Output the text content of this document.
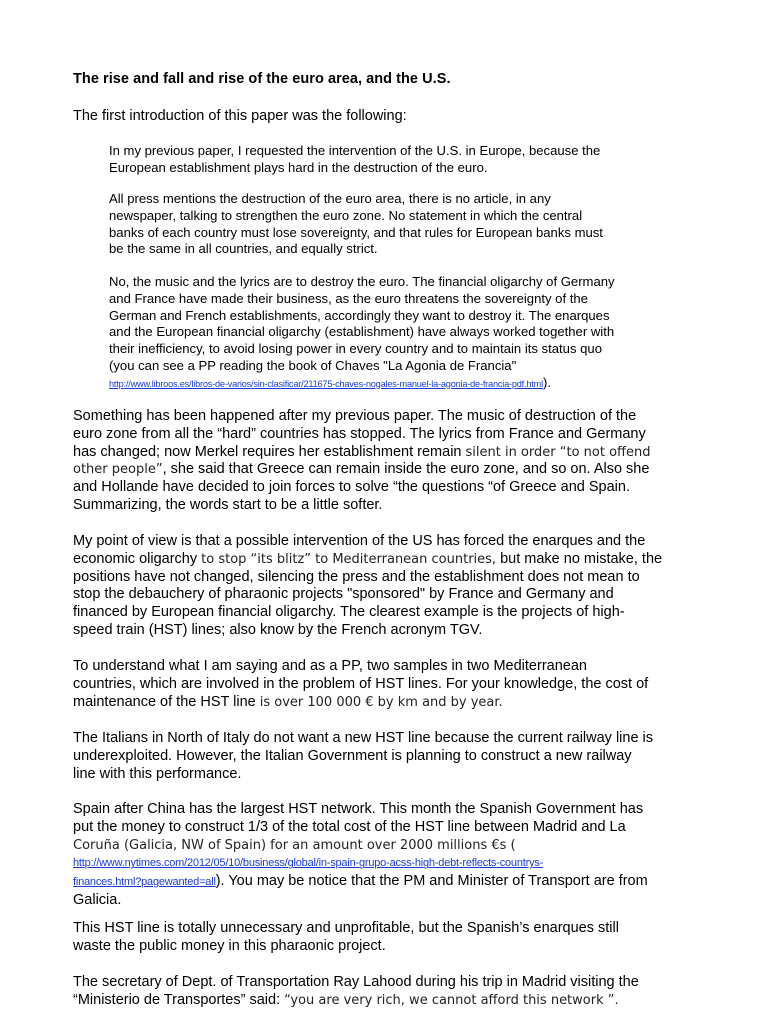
The rise and fall and rise of the euro area, and the U.S.
The first introduction of this paper was the following:
In my previous paper, I requested the intervention of the U.S. in Europe, because the
European establishment plays hard in the destruction of the euro.
All press mentions the destruction of the euro area, there is no article, in any
newspaper, talking to strengthen the euro zone. No statement in which the central
banks of each country must lose sovereignty, and that rules for European banks must
be the same in all countries, and equally strict.
No, the music and the lyrics are to destroy the euro. The financial oligarchy of Germany
and France have made their business, as the euro threatens the sovereignty of the
German and French establishments, accordingly they want to destroy it. The enarques
and the European financial oligarchy (establishment) have always worked together with
their inefficiency, to avoid losing power in every country and to maintain its status quo
(you can see a PP reading the book of Chaves "La Agonia de Francia"
http://www.libroos.es/libros-de-varios/sin-clasificar/211675-chaves-nogales-manuel-la-agonia-de-francia-pdf.html).
Something has been happened after my previous paper. The music of destruction of the
euro zone from all the “hard” countries has stopped. The lyrics from France and Germany
has changed; now Merkel requires her establishment remain silent in order “to not offend
other people”, she said that Greece can remain inside the euro zone, and so on. Also she
and Hollande have decided to join forces to solve “the questions “of Greece and Spain.
Summarizing, the words start to be a little softer.
My point of view is that a possible intervention of the US has forced the enarques and the
economic oligarchy to stop “its blitz” to Mediterranean countries, but make no mistake, the
positions have not changed, silencing the press and the establishment does not mean to
stop the debauchery of pharaonic projects "sponsored" by France and Germany and
financed by European financial oligarchy. The clearest example is the projects of high-
speed train (HST) lines; also know by the French acronym TGV.
To understand what I am saying and as a PP, two samples in two Mediterranean
countries, which are involved in the problem of HST lines. For your knowledge, the cost of
maintenance of the HST line is over 100 000 € by km and by year.
The Italians in North of Italy do not want a new HST line because the current railway line is
underexploited. However, the Italian Government is planning to construct a new railway
line with this performance.
Spain after China has the largest HST network. This month the Spanish Government has
put the money to construct 1/3 of the total cost of the HST line between Madrid and La
Coruña (Galicia, NW of Spain) for an amount over 2000 millions €s (
http://www.nytimes.com/2012/05/10/business/global/in-spain-grupo-acss-high-debt-reflects-countrys-
finances.html?pagewanted=all). You may be notice that the PM and Minister of Transport are from
Galicia.
This HST line is totally unnecessary and unprofitable, but the Spanish’s enarques still
waste the public money in this pharaonic project.
The secretary of Dept. of Transportation Ray Lahood during his trip in Madrid visiting the
“Ministerio de Transportes” said: “you are very rich, we cannot afford this network ”.
